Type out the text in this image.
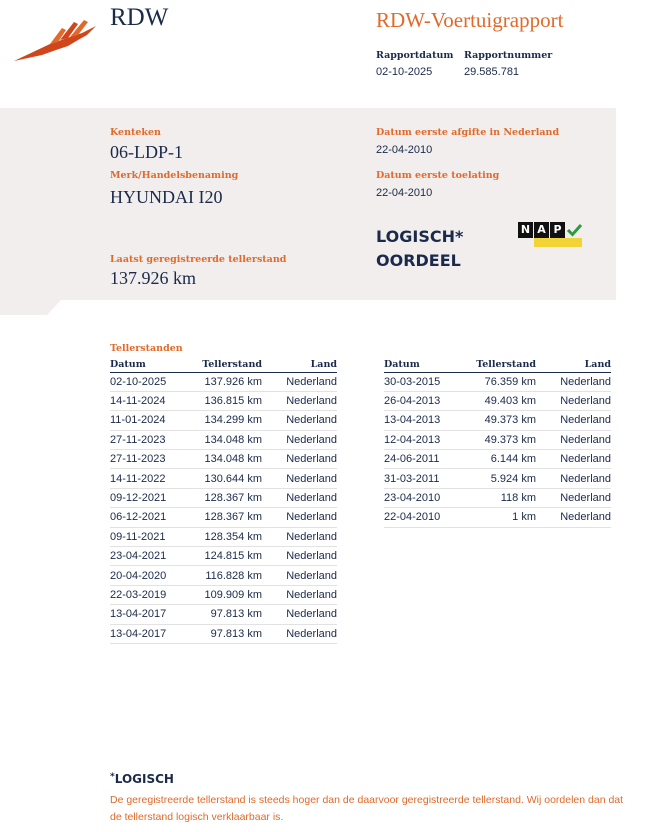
RDW	RDW-Voertuigrapport
Rapportdatum
02-10-2025
Rapportnummer
29.585.781
Kenteken
06-LDP-1
Merk/Handelsbenaming
HYUNDAI I20
Datum eerste afgifte in Nederland
22-04-2010
Datum eerste toelating
22-04-2010
Laatst geregistreerde tellerstand
137.926 km
LOGISCH*
OORDEEL
N A P
Tellerstanden
Datum	Tellerstand	Land
02-10-2025	137.926 km	Nederland
14-11-2024	136.815 km	Nederland
11-01-2024	134.299 km	Nederland
27-11-2023	134.048 km	Nederland
27-11-2023	134.048 km	Nederland
14-11-2022	130.644 km	Nederland
09-12-2021	128.367 km	Nederland
06-12-2021	128.367 km	Nederland
09-11-2021	128.354 km	Nederland
23-04-2021	124.815 km	Nederland
20-04-2020	116.828 km	Nederland
22-03-2019	109.909 km	Nederland
13-04-2017	97.813 km	Nederland
13-04-2017	97.813 km	Nederland
Datum	Tellerstand	Land
30-03-2015	76.359 km	Nederland
26-04-2013	49.403 km	Nederland
13-04-2013	49.373 km	Nederland
12-04-2013	49.373 km	Nederland
24-06-2011	6.144 km	Nederland
31-03-2011	5.924 km	Nederland
23-04-2010	118 km	Nederland
22-04-2010	1 km	Nederland
*LOGISCH
De geregistreerde tellerstand is steeds hoger dan de daarvoor geregistreerde tellerstand. Wij oordelen dan dat de tellerstand logisch verklaarbaar is.
